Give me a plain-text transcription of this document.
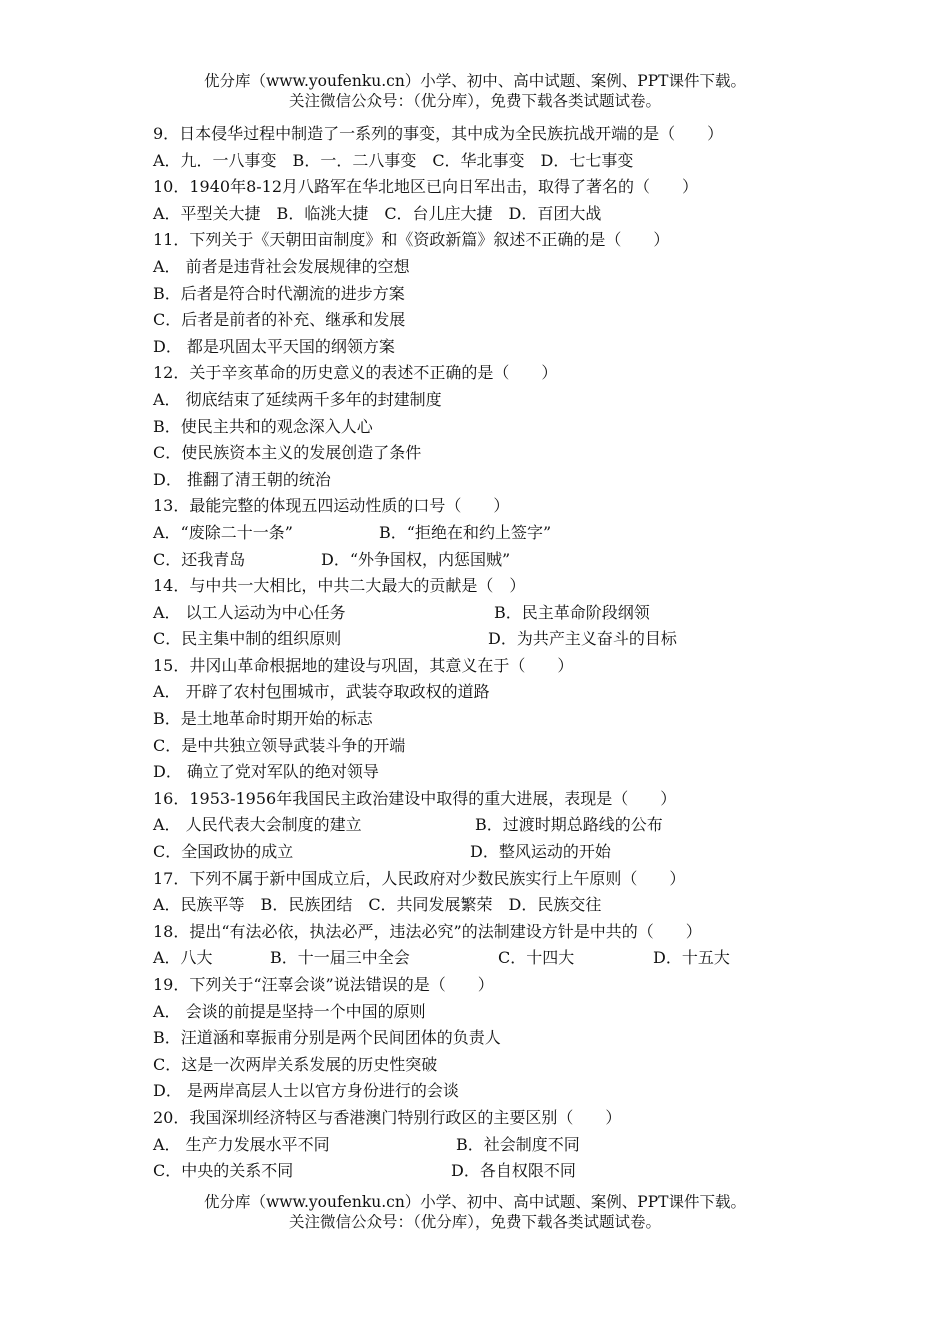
优分库（www.youfenku.cn）小学、初中、高中试题、案例、PPT课件下载。
关注微信公众号：（优分库），免费下载各类试题试卷。
9．日本侵华过程中制造了一系列的事变，其中成为全民族抗战开端的是（　　）
A．九．一八事变　B．一．二八事变　C．华北事变　D．七七事变
10．1940年8-12月八路军在华北地区已向日军出击，取得了著名的（　　）
A．平型关大捷　B．临洮大捷　C．台儿庄大捷　D．百团大战
11．下列关于《天朝田亩制度》和《资政新篇》叙述不正确的是（　　）
A． 前者是违背社会发展规律的空想
B．后者是符合时代潮流的进步方案
C．后者是前者的补充、继承和发展
D． 都是巩固太平天国的纲领方案
12．关于辛亥革命的历史意义的表述不正确的是（　　）
A． 彻底结束了延续两千多年的封建制度
B．使民主共和的观念深入人心
C．使民族资本主义的发展创造了条件
D． 推翻了清王朝的统治
13．最能完整的体现五四运动性质的口号（　　）
A．“废除二十一条”	B．“拒绝在和约上签字”
C．还我青岛	D．“外争国权，内惩国贼”
14．与中共一大相比，中共二大最大的贡献是（　）
A． 以工人运动为中心任务	B．民主革命阶段纲领
C．民主集中制的组织原则	D．为共产主义奋斗的目标
15．井冈山革命根据地的建设与巩固，其意义在于（　　）
A． 开辟了农村包围城市，武装夺取政权的道路
B．是土地革命时期开始的标志
C．是中共独立领导武装斗争的开端
D． 确立了党对军队的绝对领导
16．1953-1956年我国民主政治建设中取得的重大进展，表现是（　　）
A． 人民代表大会制度的建立	B．过渡时期总路线的公布
C．全国政协的成立	D．整风运动的开始
17．下列不属于新中国成立后，人民政府对少数民族实行上午原则（　　）
A．民族平等　B．民族团结　C．共同发展繁荣　D．民族交往
18．提出“有法必依，执法必严，违法必究”的法制建设方针是中共的（　　）
A．八大	B．十一届三中全会	C．十四大	D．十五大
19．下列关于“汪辜会谈”说法错误的是（　　）
A． 会谈的前提是坚持一个中国的原则
B．汪道涵和辜振甫分别是两个民间团体的负责人
C．这是一次两岸关系发展的历史性突破
D． 是两岸高层人士以官方身份进行的会谈
20．我国深圳经济特区与香港澳门特别行政区的主要区别（　　）
A． 生产力发展水平不同	B．社会制度不同
C．中央的关系不同	D．各自权限不同
优分库（www.youfenku.cn）小学、初中、高中试题、案例、PPT课件下载。
关注微信公众号：（优分库），免费下载各类试题试卷。
